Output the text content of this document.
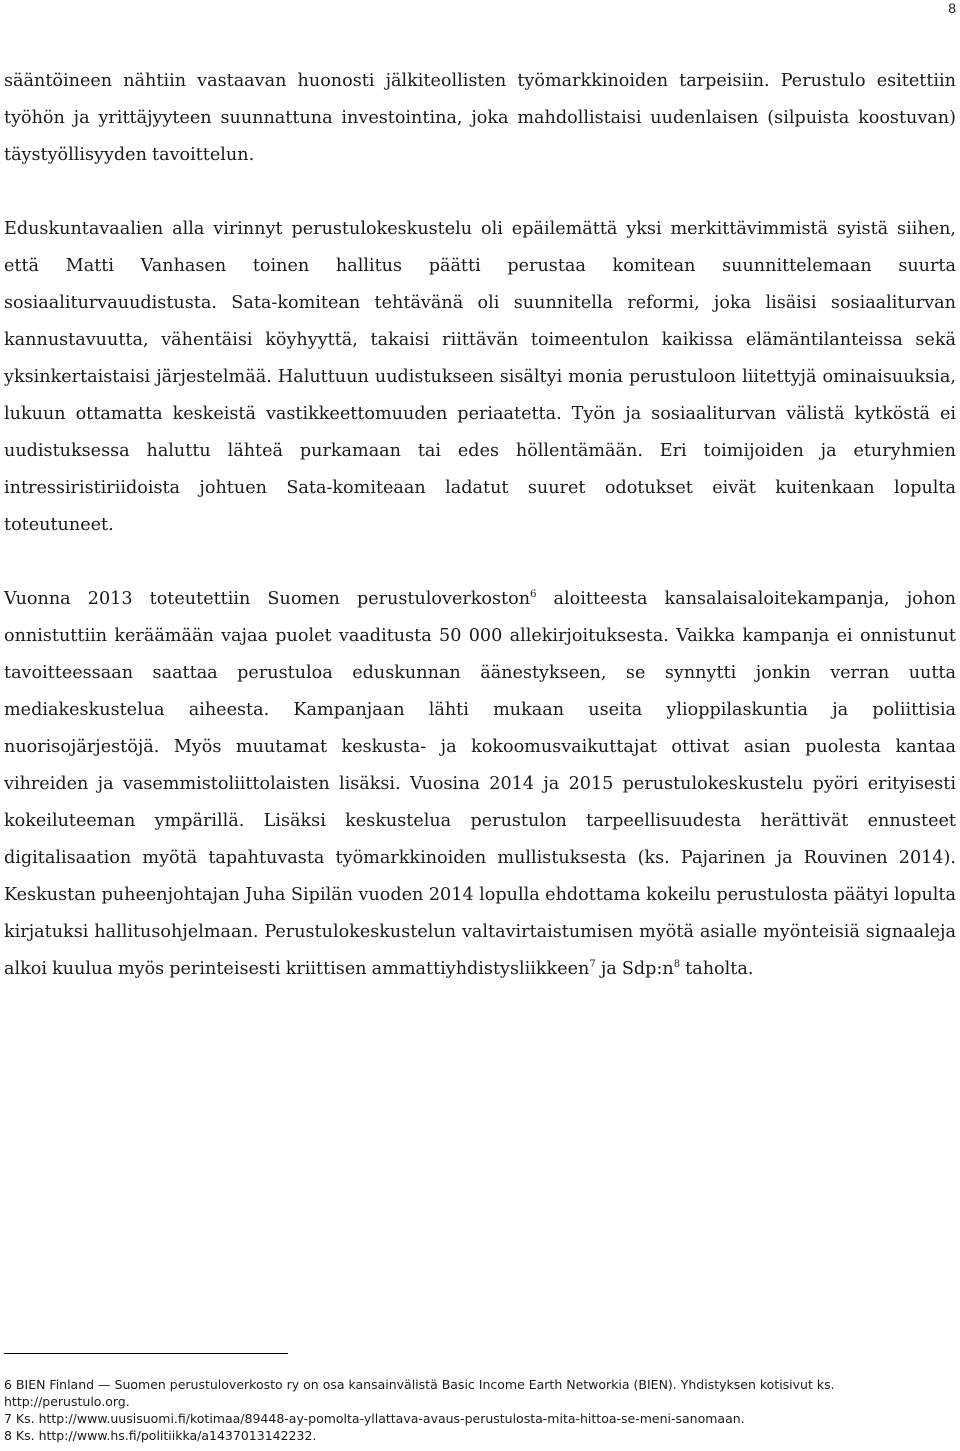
8

sääntöineen nähtiin vastaavan huonosti jälkiteollisten työmarkkinoiden tarpeisiin. Perustulo esitettiin työhön ja yrittäjyyteen suunnattuna investointina, joka mahdollistaisi uudenlaisen (silpuista koostuvan) täystyöllisyyden tavoittelun.

Eduskuntavaalien alla virinnyt perustulokeskustelu oli epäilemättä yksi merkittävimmistä syistä siihen, että Matti Vanhasen toinen hallitus päätti perustaa komitean suunnittelemaan suurta sosiaaliturvauudistusta. Sata-komitean tehtävänä oli suunnitella reformi, joka lisäisi sosiaaliturvan kannustavuutta, vähentäisi köyhyyttä, takaisi riittävän toimeentulon kaikissa elämäntilanteissa sekä yksinkertaistaisi järjestelmää. Haluttuun uudistukseen sisältyi monia perustuloon liitettyjä ominaisuuksia, lukuun ottamatta keskeistä vastikkeettomuuden periaatetta. Työn ja sosiaaliturvan välistä kytköstä ei uudistuksessa haluttu lähteä purkamaan tai edes höllentämään. Eri toimijoiden ja eturyhmien intressiristiriidoista johtuen Sata-komiteaan ladatut suuret odotukset eivät kuitenkaan lopulta toteutuneet.

Vuonna 2013 toteutettiin Suomen perustuloverkoston$^6$ aloitteesta kansalaisaloitekampanja, johon onnistuttiin keräämään vajaa puolet vaaditusta 50 000 allekirjoituksesta. Vaikka kampanja ei onnistunut tavoitteessaan saattaa perustuloa eduskunnan äänestykseen, se synnytti jonkin verran uutta mediakeskustelua aiheesta. Kampanjaan lähti mukaan useita ylioppilaskuntia ja poliittisia nuorisojärjestöjä. Myös muutamat keskusta- ja kokoomusvaikuttajat ottivat asian puolesta kantaa vihreiden ja vasemmistoliittolaisten lisäksi. Vuosina 2014 ja 2015 perustulokeskustelu pyöri erityisesti kokeiluteeman ympärillä. Lisäksi keskustelua perustulon tarpeellisuudesta herättivät ennusteet digitalisaation myötä tapahtuvasta työmarkkinoiden mullistuksesta (ks. Pajarinen ja Rouvinen 2014). Keskustan puheenjohtajan Juha Sipilän vuoden 2014 lopulla ehdottama kokeilu perustulosta päätyi lopulta kirjatuksi hallitusohjelmaan. Perustulokeskustelun valtavirtaistumisen myötä asialle myönteisiä signaaleja alkoi kuulua myös perinteisesti kriittisen ammattiyhdistysliikkeen$^7$ ja $Sdp:n^8$ taholta.

6 BIEN Finland — Suomen perustuloverkosto ry on osa kansainvälistä Basic Income Earth Networkia (BIEN). Yhdistyksen kotisivut ks.

http://perustulo.org.

7 Ks. http://www.uusisuomi.fi/kotimaa/89448-ay-pomolta-yllattava-avaus-perustulosta-mita-hittoa-se-meni-sanomaan.

8 Ks. http://www.hs.fi/politiikka/a1437013142232.
